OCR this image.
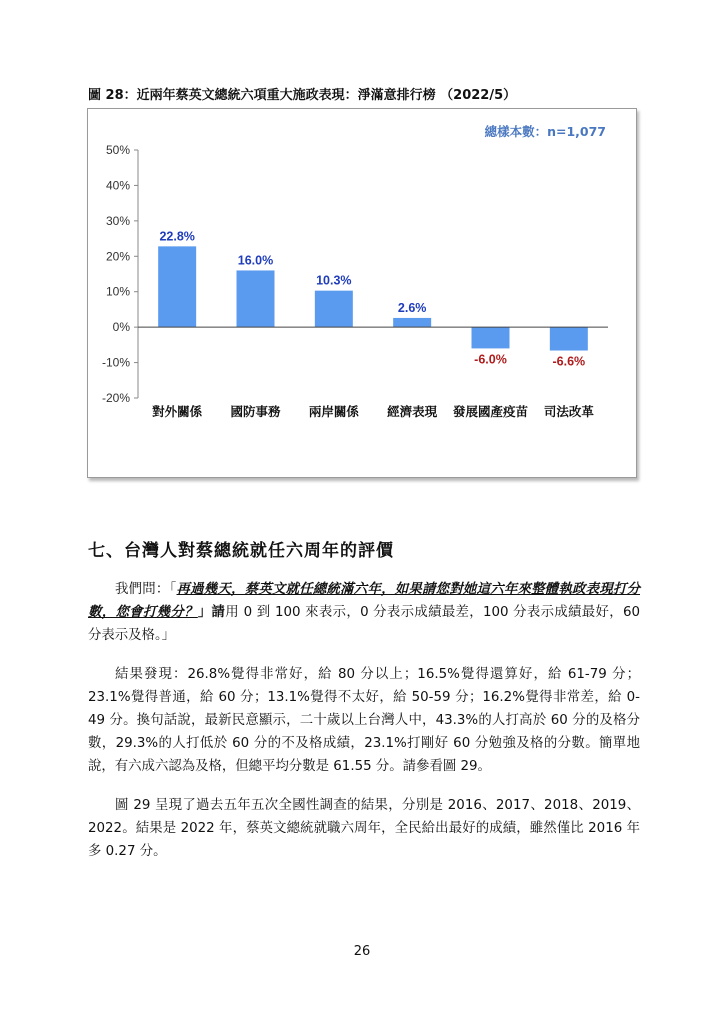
圖 28：近兩年蔡英文總統六項重大施政表現：淨滿意排行榜 （2022/5）
50%
40%
30%
20%
10%
0%
-10%
-20%
22.8%
對外關係
16.0%
國防事務
10.3%
兩岸關係
2.6%
經濟表現
-6.0%
發展國產疫苗
-6.6%
司法改革
總樣本數：n=1,077
七、台灣人對蔡總統就任六周年的評價

我們問：「再過幾天，蔡英文就任總統滿六年，如果請您對她這六年來整體執政表現打分數，您會打幾分？」請用 0 到 100 來表示，0 分表示成績最差，100 分表示成績最好，60 分表示及格。」

結果發現：26.8%覺得非常好，給 80 分以上；16.5%覺得還算好，給 61-79 分；23.1%覺得普通，給 60 分；13.1%覺得不太好，給 50-59 分；16.2%覺得非常差，給 0-49 分。換句話說，最新民意顯示，二十歲以上台灣人中，43.3%的人打高於 60 分的及格分數，29.3%的人打低於 60 分的不及格成績，23.1%打剛好 60 分勉強及格的分數。簡單地說，有六成六認為及格，但總平均分數是 61.55 分。請參看圖 29。

圖 29 呈現了過去五年五次全國性調查的結果，分別是 2016、2017、2018、2019、2022。結果是 2022 年，蔡英文總統就職六周年，全民給出最好的成績，雖然僅比 2016 年多 0.27 分。

26
